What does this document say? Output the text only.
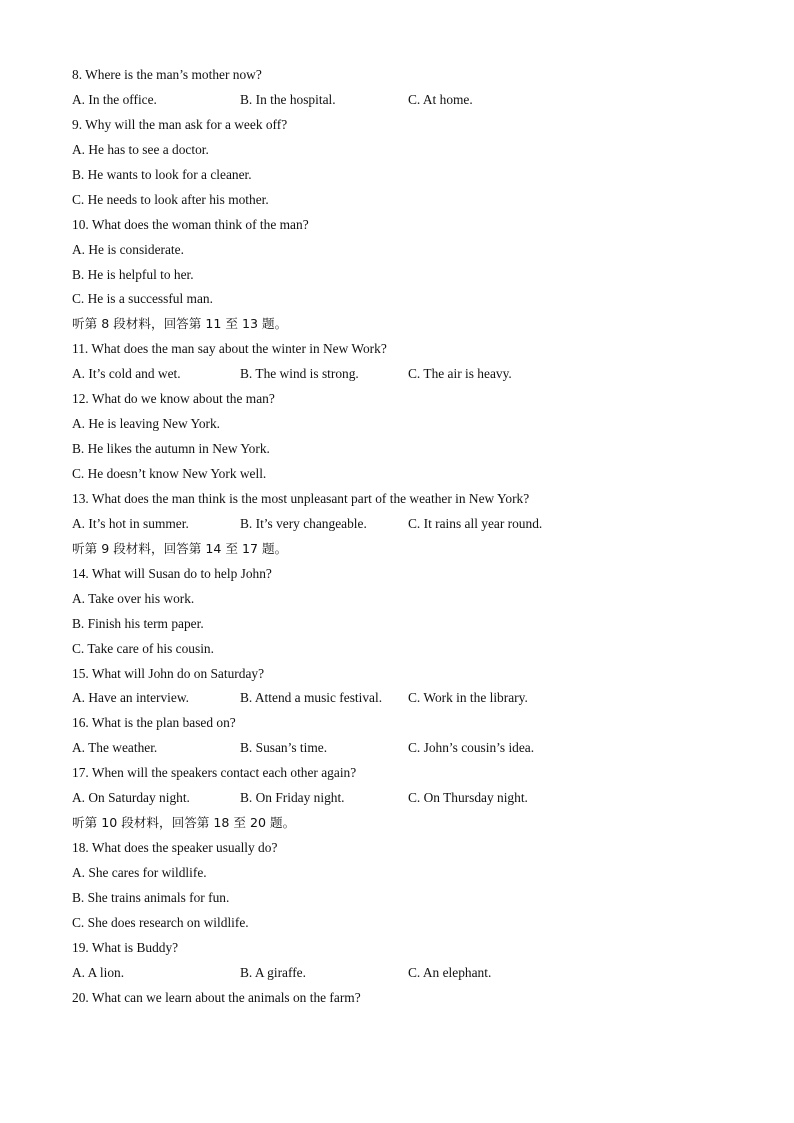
8. Where is the man’s mother now?
A. In the office.	B. In the hospital.	C. At home.
9. Why will the man ask for a week off?
A. He has to see a doctor.
B. He wants to look for a cleaner.
C. He needs to look after his mother.
10. What does the woman think of the man?
A. He is considerate.
B. He is helpful to her.
C. He is a successful man.
听第 8 段材料，回答第 11 至 13 题。
11. What does the man say about the winter in New Work?
A. It’s cold and wet.	B. The wind is strong.	C. The air is heavy.
12. What do we know about the man?
A. He is leaving New York.
B. He likes the autumn in New York.
C. He doesn’t know New York well.
13. What does the man think is the most unpleasant part of the weather in New York?
A. It’s hot in summer.	B. It’s very changeable.	C. It rains all year round.
听第 9 段材料，回答第 14 至 17 题。
14. What will Susan do to help John?
A. Take over his work.
B. Finish his term paper.
C. Take care of his cousin.
15. What will John do on Saturday?
A. Have an interview.	B. Attend a music festival. C. Work in the library.
16. What is the plan based on?
A. The weather.	B. Susan’s time.	C. John’s cousin’s idea.
17. When will the speakers contact each other again?
A. On Saturday night.	B. On Friday night.	C. On Thursday night.
听第 10 段材料，回答第 18 至 20 题。
18. What does the speaker usually do?
A. She cares for wildlife.
B. She trains animals for fun.
C. She does research on wildlife.
19. What is Buddy?
A. A lion.	B. A giraffe.	C. An elephant.
20. What can we learn about the animals on the farm?
